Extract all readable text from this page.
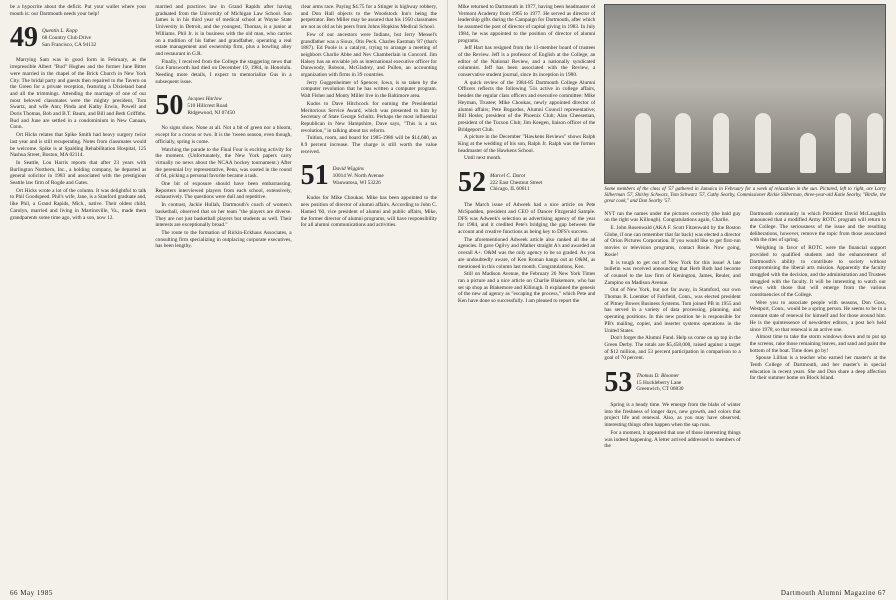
be a hypocrite about the deficit. Put your wallet where your mouth is: our Dartmouth needs your help!

49 Quentin L. Kopp
68 Country Club Drive
San Francisco, CA 94132

Marrying Sam was in good form in February, as the irrepressible Albert "Bud" Hughes and the former June Bitter were married in the chapel of the Brick Church in New York City. The bridal party and guests then repaired to the Tavern on the Green for a private reception, featuring a Dixieland band and all the trimmings. Attending the marriage of one of our most beloved classmates were the mighty president, Tom Swartz, and wife Ann; Pinda and Kathy Erwin, Powell and Doris Thomas, Bob and B.T. Baum, and Bill and Beth Griffiths. Bud and June are settled in a condominium in New Canaan, Conn.

Ort Hicks relates that Spike Smith had heavy surgery twice last year and is still recuperating. Notes from classmates would be welcome. Spike is at Spalding Rehabilitation Hospital, 125 Nashua Street, Boston, MA 02114.

In Seattle, Lou Harris reports that after 23 years with Burlington Northern, Inc., a holding company, he departed as general solicitor in 1983 and associated with the prestigious Seattle law firm of Rogde and Gates.

Ort Hicks wrote a lot of the column. It was delightful to talk to Phil Goodspeed. Phil's wife, Jane, is a Stanford graduate and, like Phil, a Grand Rapids, Mich., native. Their oldest child, Carolyn, married and living in Martinsville, Va., made them grandparents some time ago, with a son, now 12.

married and practices law in Grand Rapids after having graduated from the University of Michigan Law School. Son James is in his third year of medical school at Wayne State University in Detroit, and the youngest, Thomas, is a junior at Williams. Phil Jr. is in business with the old man, who carries on a tradition of his father and grandfather, operating a real estate management and ownership firm, plus a bowling alley and restaurant in G.R.

Finally, I received from the College the staggering news that Gus Farnsworth had died on December 19, 1984, in Honolulu. Needing more details, I expect to memorialize Gus in a subsequent issue.

50 Jacques Harlow
510 Hillcrest Road
Ridgewood, NJ 07450

No signs show. None at all. Not a bit of green nor a bloom, except for a crocus or two. It is the 'tween season, even though, officially, spring is come.

Watching the parade to the Final Four is exciting activity for the moment. (Unfortunately, the New York papers carry virtually no news about the NCAA hockey tournament.) After the perennial Ivy representative, Penn, was ousted in the round of 64, picking a personal favorite became a task.

One bit of exposure should have been embarrassing. Reporters interviewed players from each school, extensively, exhaustively. The questions were dull and repetitive.

In contrast, Jackie Hullah, Dartmouth's coach of women's basketball, observed that on her team "the players are diverse. They are not just basketball players but students as well. Their interests are exceptionally broad."

The route to the formation of Rickin-Eckhaus Associates, a consulting firm specializing in outplacing corporate executives, has been lengthy.

clear arms race. Paying $4.75 for a Stinger is highway robbery, and Don Hall objects to the Woodstock Inn's being the perpetrator. Ben Miller may be assured that his 1950 classmates are not as old as his peers from Johns Hopkins Medical School.

Few of our ancestors were Indians, but Jerry Mensel's grandfather was a Sioux, Otis Peck. Charles Eastman '87 (that's 1887). Ed Poole is a catalyst, trying to arrange a meeting of neighbors Charlie Abbe and Nev Chamberlain in Concord. Jim Halsey has an enviable job as international executive officer for Dunwoody, Robson, McGladrey, and Pullen, an accounting organization with firms in 39 countries.

Jerry Guggenheimer of Spencer, Iowa, is so taken by the computer revolution that he has written a computer program. Walt Fisher and Monty Miller live in the Baltimore area.

Kudos to Dave Hitchcock for earning the Presidential Meritorious Service Award, which was presented to him by Secretary of State George Schultz. Perhaps the most influential Republican in New Hampshire, Dave says, "This is a tax revolution," in talking about tax reform.

Tuition, room, and board for 1985-1986 will be $14,680, an 8.9 percent increase. The charge is still worth the value received.

51 David Wiggins
10014 W. North Avenue
Wauwatosa, WI 53226

Kudos for Mike Choukas. Mike has been appointed to the new position of director of alumni affairs. According to John C. Hamed '60, vice president of alumni and public affairs, Mike, the former director of alumni programs, will have responsibility for all alumni communications and activities.

66 May 1985

Mike returned to Dartmouth in 1977, having been headmaster of Vermont Academy from 1965 to 1977. He served as director of leadership gifts during the Campaign for Dartmouth, after which he assumed the post of director of capital giving in 1983. In July 1984, he was appointed to the position of director of alumni programs.

Jeff Hart has resigned from the 11-member board of trustees of the Review. Jeff is a professor of English at the College, an editor of the National Review, and a nationally syndicated columnist. Jeff has been associated with the Review, a conservative student journal, since its inception in 1980.

A quick review of the 1984-85 Dartmouth College Alumni Officers reflects the following '51s active in college affairs, besides the regular class officers and executive committee: Mike Heyman, Trustee; Mike Choukas, newly appointed director of alumni affairs; Pete Bogardus, Alumni Council representative; Bill Hosler, president of the Phoenix Club; Alan Cheeseman, president of the Tucson Club; Jim Keegen, liaison officer of the Bridgeport Club.

A picture in the December "Hawkens Reviews" shows Ralph King at the wedding of his son, Ralph Jr. Ralph was the former headmaster of the Hawkens School.

Until next month.

52 Marcel C. Durot
222 East Chestnut Street
Chicago, IL 60611

The March issue of Adweek had a nice article on Pete McSpadden, president and CEO of Dancer Fitzgerald Sample. DFS was Adweek's selection as advertising agency of the year for 1984, and it credited Pete's bridging the gap between the account and creative functions as being key to DFS's success.

The aforementioned Adweek article also ranked all the ad agencies. It gave Ogilvy and Mather straight A's and awarded an overall A+. O&M was the only agency to be so graded. As you are undoubtedly aware, of Ken Roman hangs out at O&M, as mentioned in this column last month. Congratulations, Ken.

Still on Madison Avenue, the February 26 New York Times ran a picture and a nice article on Charlie Blakemore, who has set up shop as Blakemore and Killough. It explained the genesis of the new ad agency as "escaping the process," which Pete and Ken have done so successfully. I am pleased to report the

Some members of the class of '57 gathered in Jamaica in February for a week of relaxation in the sun. Pictured, left to right, are Larry Silberman '57, Shirley Schwarz, Tom Schwarz '57, Cathy Searby, Commissioner Rickie Silberman, three-year-old Katie Searby, "Birdie, the great cook," and Dan Searby '57.

NYT ran the names under the pictures correctly (the bald guy on the right was Killough). Congratulations again, Charlie.

E. John Rosenwald (AKA F. Scott Fitzenwald by the Boston Globe, if one can remember that far back) was elected a director of Orion Pictures Corporation. If you would like to get first-run movies or television programs, contact Rosie. Now going, Rosie!

It is tough to get out of New York for this issue! A late bulletin was received announcing that Herb Roth had become of counsel to the law firm of Kenington, James, Reuler, and Zampino on Madison Avenue.

Out of New York, but not far away, in Stamford, our own Thomas R. Loemker of Fairfield, Conn., was elected president of Pitney Bowes Business Systems. Tom joined PB in 1955 and has served in a variety of data processing, planning, and operating positions. In this new position he is responsible for PB's mailing, copier, and inserter systems operations in the United States.

Don't forget the Alumni Fund. Help us come on up top in the Green Derby. The totals are $5,458,000, raised against a target of $12 million, and 53 percent participation in comparison to a goal of 70 percent.

53 Thomas D. Bloomer
15 Huckleberry Lane
Greenwich, CT 06830

Spring is a heady time. We emerge from the blahs of winter into the freshness of longer days, new growth, and colors that project life and renewal. Also, as you may have observed, interesting things often happen when the sap runs.

For a moment, it appeared that one of those interesting things was indeed happening. A letter arrived addressed to members of the

Dartmouth community in which President David McLaughlin announced that a modified Army ROTC program will return to the College. The seriousness of the issue and the resulting deliberations, however, remove the topic from those associated with the rites of spring.

Weighing in favor of ROTC were the financial support provided to qualified students and the enhancement of Dartmouth's ability to contribute to society without compromising the liberal arts mission. Apparently the faculty struggled with the decision, and the administration and Trustees struggled with the faculty. It will be interesting to watch our views with those that will emerge from the various constituencies of the College.

Were you to associate people with seasons, Don Goss, Westport, Conn., would be a spring person. He seems to be in a constant state of renewal for himself and for those around him. He is the quintessence of newsletter editors, a post he's held since 1978, so that renewal is an active one.

Almost time to take the storm windows down and to put up the screens, rake those remaining leaves, and sand and paint the bottom of the boat. Time does go by!

Spouse Lillian is a teacher who earned her master's at the Tenth College of Dartmouth, and her master's in special education in recent years. She and Don share a deep affection for their summer home on Block Island.

Dartmouth Alumni Magazine 67
